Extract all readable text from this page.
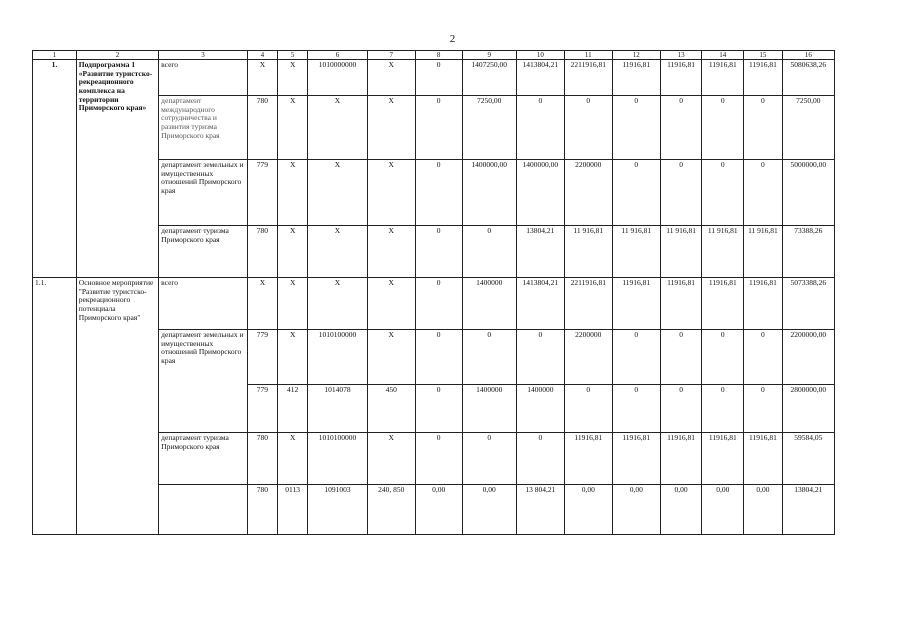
2
1	2	3	4	5	6	7	8	9	10	11	12	13	14	15	16
1.	Подпрограмма 1 «Развитие туристско-рекреационного комплекса на территории Приморского края»	всего	X	X	1010000000	X	0	1407250,00	1413804,21	2211916,81	11916,81	11916,81	11916,81	11916,81	5080638,26
		департамент международного сотрудничества и развития туризма Приморского края	780	X	X	X	0	7250,00	0	0	0	0	0	0	7250,00
		департамент земельных и имущественных отношений Приморского края	779	X	X	X	0	1400000,00	1400000,00	2200000	0	0	0	0	5000000,00
		департамент туризма Приморского края	780	X	X	X	0	0	13804,21	11 916,81	11 916,81	11 916,81	11 916,81	11 916,81	73388,26
1.1.	Основное мероприятие "Развитие туристско-рекреационного потенциала Приморского края"	всего	X	X	X	X	0	1400000	1413804,21	2211916,81	11916,81	11916,81	11916,81	11916,81	5073388,26
		департамент земельных и имущественных отношений Приморского края	779	X	1010100000	X	0	0	0	2200000	0	0	0	0	2200000,00
			779	412	1014078	450	0	1400000	1400000	0	0	0	0	0	2800000,00
		департамент туризма Приморского края	780	X	1010100000	X	0	0	0	11916,81	11916,81	11916,81	11916,81	11916,81	59584,05
			780	0113	1091003	240, 850	0,00	0,00	13 804,21	0,00	0,00	0,00	0,00	0,00	13804,21
